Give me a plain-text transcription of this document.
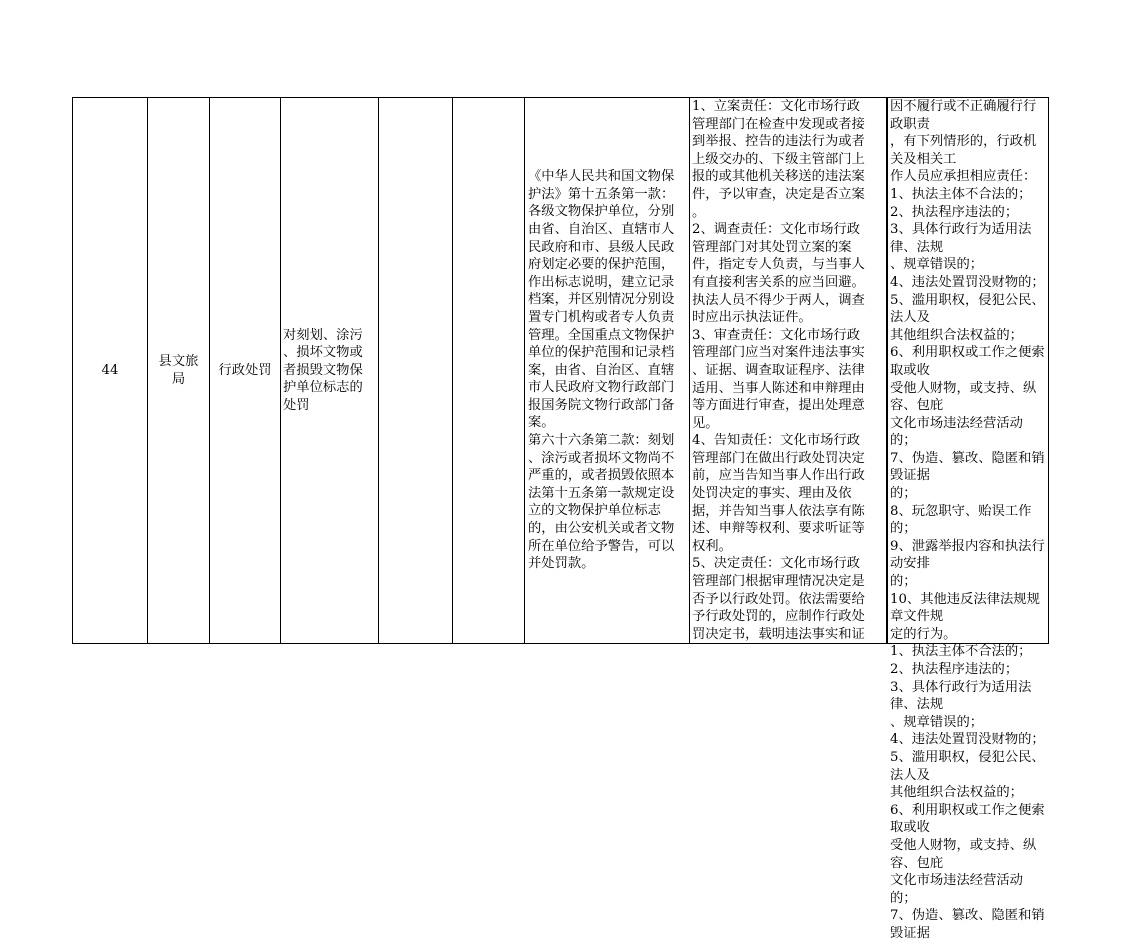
44
县文旅
局
行政处罚
对刻划、涂污
、损坏文物或
者损毁文物保
护单位标志的
处罚
《中华人民共和国文物保
护法》第十五条第一款：
各级文物保护单位，分别
由省、自治区、直辖市人
民政府和市、县级人民政
府划定必要的保护范围，
作出标志说明，建立记录
档案，并区别情况分别设
置专门机构或者专人负责
管理。全国重点文物保护
单位的保护范围和记录档
案，由省、自治区、直辖
市人民政府文物行政部门
报国务院文物行政部门备
案。
第六十六条第二款：刻划
、涂污或者损坏文物尚不
严重的，或者损毁依照本
法第十五条第一款规定设
立的文物保护单位标志
的，由公安机关或者文物
所在单位给予警告，可以
并处罚款。
1、立案责任：文化市场行政
管理部门在检查中发现或者接
到举报、控告的违法行为或者
上级交办的、下级主管部门上
报的或其他机关移送的违法案
件，予以审查，决定是否立案
。
2、调查责任：文化市场行政
管理部门对其处罚立案的案
件，指定专人负责，与当事人
有直接利害关系的应当回避。
执法人员不得少于两人，调查
时应出示执法证件。
3、审查责任：文化市场行政
管理部门应当对案件违法事实
、证据、调查取证程序、法律
适用、当事人陈述和申辩理由
等方面进行审查，提出处理意
见。
4、告知责任：文化市场行政
管理部门在做出行政处罚决定
前，应当告知当事人作出行政
处罚决定的事实、理由及依
据，并告知当事人依法享有陈
述、申辩等权利、要求听证等
权利。
5、决定责任：文化市场行政
管理部门根据审理情况决定是
否予以行政处罚。依法需要给
予行政处罚的，应制作行政处
罚决定书，载明违法事实和证
因不履行或不正确履行行政职责
，有下列情形的，行政机关及相关工
作人员应承担相应责任：
1、执法主体不合法的；
2、执法程序违法的；
3、具体行政行为适用法律、法规
、规章错误的；
4、违法处置罚没财物的；
5、滥用职权，侵犯公民、法人及
其他组织合法权益的；
6、利用职权或工作之便索取或收
受他人财物，或支持、纵容、包庇
文化市场违法经营活动的；
7、伪造、篡改、隐匿和销毁证据
的；
8、玩忽职守、贻误工作的；
9、泄露举报内容和执法行动安排
的；
10、其他违反法律法规规章文件规
定的行为。
1、执法主体不合法的；
2、执法程序违法的；
3、具体行政行为适用法律、法规
、规章错误的；
4、违法处置罚没财物的；
5、滥用职权，侵犯公民、法人及
其他组织合法权益的；
6、利用职权或工作之便索取或收
受他人财物，或支持、纵容、包庇
文化市场违法经营活动的；
7、伪造、篡改、隐匿和销毁证据
